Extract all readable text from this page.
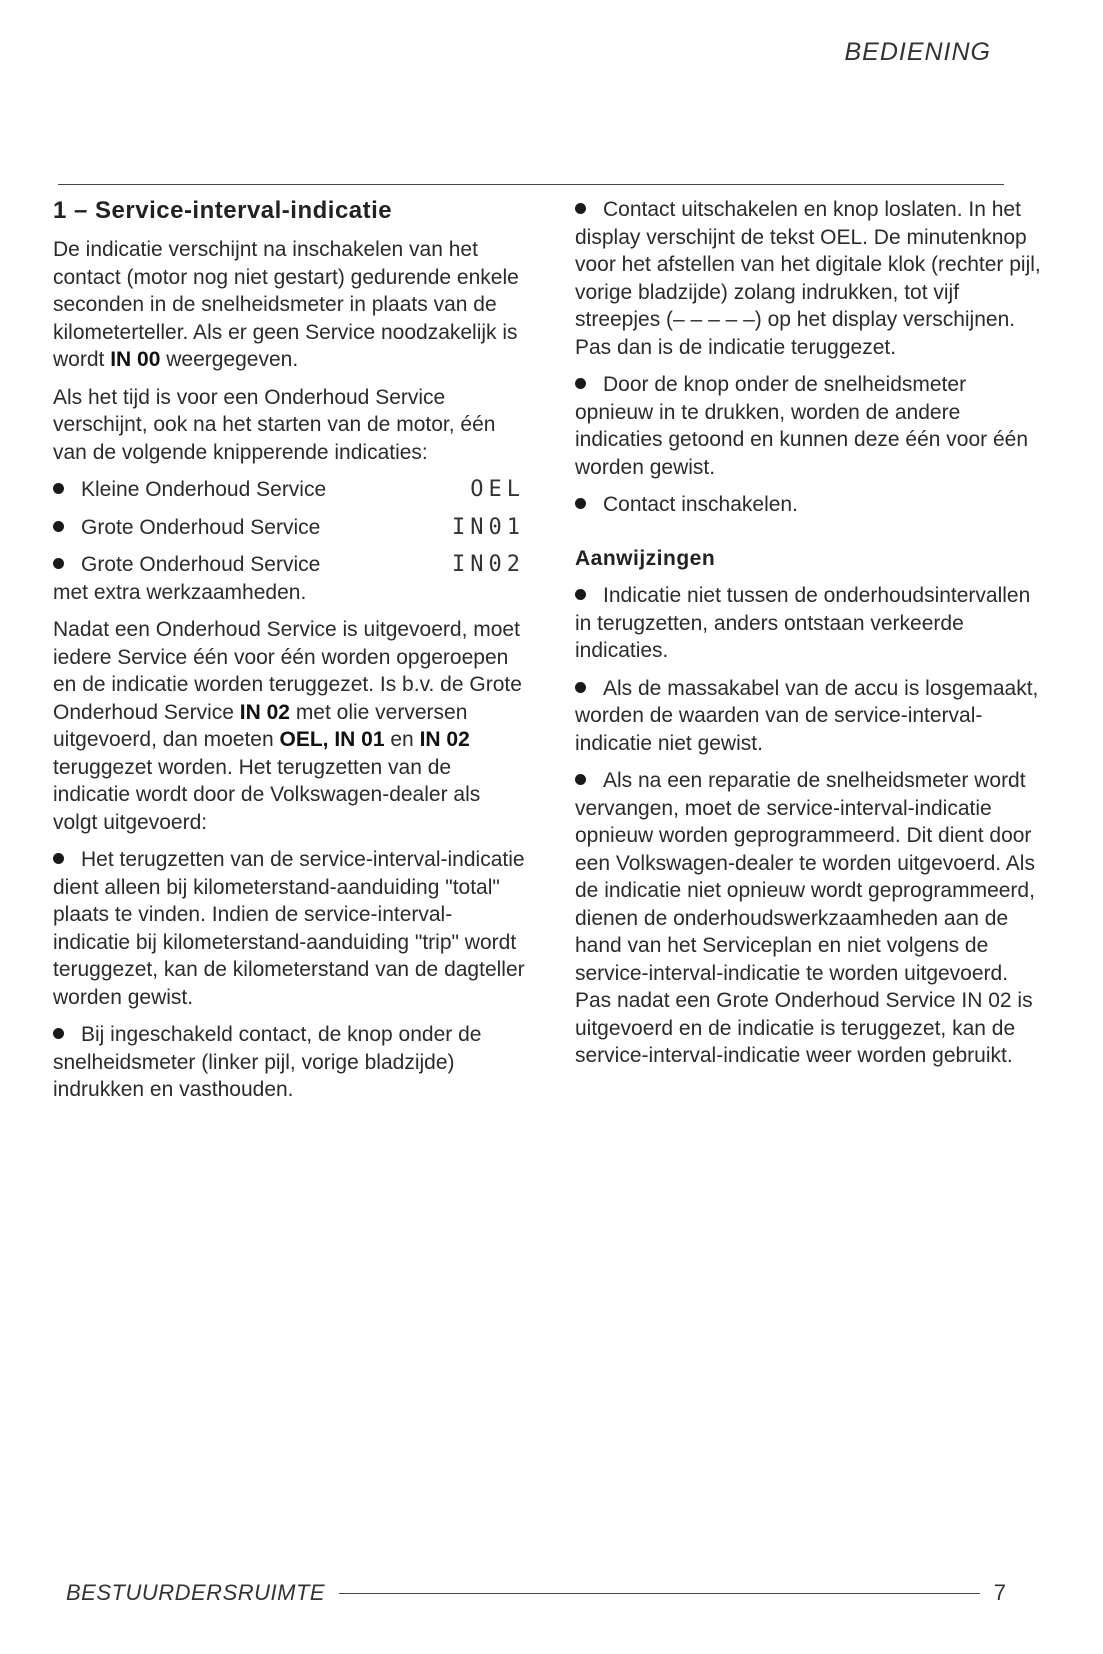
BEDIENING
1 – Service-interval-indicatie

De indicatie verschijnt na inschakelen van het contact (motor nog niet gestart) gedurende enkele seconden in de snelheidsmeter in plaats van de kilometerteller. Als er geen Service noodzakelijk is wordt IN 00 weergegeven.

Als het tijd is voor een Onderhoud Service verschijnt, ook na het starten van de motor, één van de volgende knipperende indicaties:

Kleine Onderhoud Service	OEL
Grote Onderhoud Service	IN01
Grote Onderhoud Service	IN02

met extra werkzaamheden.

Nadat een Onderhoud Service is uitgevoerd, moet iedere Service één voor één worden opgeroepen en de indicatie worden teruggezet. Is b.v. de Grote Onderhoud Service IN 02 met olie verversen uitgevoerd, dan moeten OEL, IN 01 en IN 02 teruggezet worden. Het terugzetten van de indicatie wordt door de Volkswagen-dealer als volgt uitgevoerd:

Het terugzetten van de service-interval-indicatie dient alleen bij kilometerstand-aanduiding "total" plaats te vinden. Indien de service-interval-indicatie bij kilometerstand-aanduiding "trip" wordt teruggezet, kan de kilometerstand van de dagteller worden gewist.

Bij ingeschakeld contact, de knop onder de snelheidsmeter (linker pijl, vorige bladzijde) indrukken en vasthouden.

Contact uitschakelen en knop loslaten. In het display verschijnt de tekst OEL. De minutenknop voor het afstellen van het digitale klok (rechter pijl, vorige bladzijde) zolang indrukken, tot vijf streepjes (– – – – –) op het display verschijnen. Pas dan is de indicatie teruggezet.

Door de knop onder de snelheidsmeter opnieuw in te drukken, worden de andere indicaties getoond en kunnen deze één voor één worden gewist.

Contact inschakelen.

Aanwijzingen

Indicatie niet tussen de onderhoudsintervallen in terugzetten, anders ontstaan verkeerde indicaties.

Als de massakabel van de accu is losgemaakt, worden de waarden van de service-interval-indicatie niet gewist.

Als na een reparatie de snelheidsmeter wordt vervangen, moet de service-interval-indicatie opnieuw worden geprogrammeerd. Dit dient door een Volkswagen-dealer te worden uitgevoerd. Als de indicatie niet opnieuw wordt geprogrammeerd, dienen de onderhoudswerkzaamheden aan de hand van het Serviceplan en niet volgens de service-interval-indicatie te worden uitgevoerd. Pas nadat een Grote Onderhoud Service IN 02 is uitgevoerd en de indicatie is teruggezet, kan de service-interval-indicatie weer worden gebruikt.

BESTUURDERSRUIMTE	7
